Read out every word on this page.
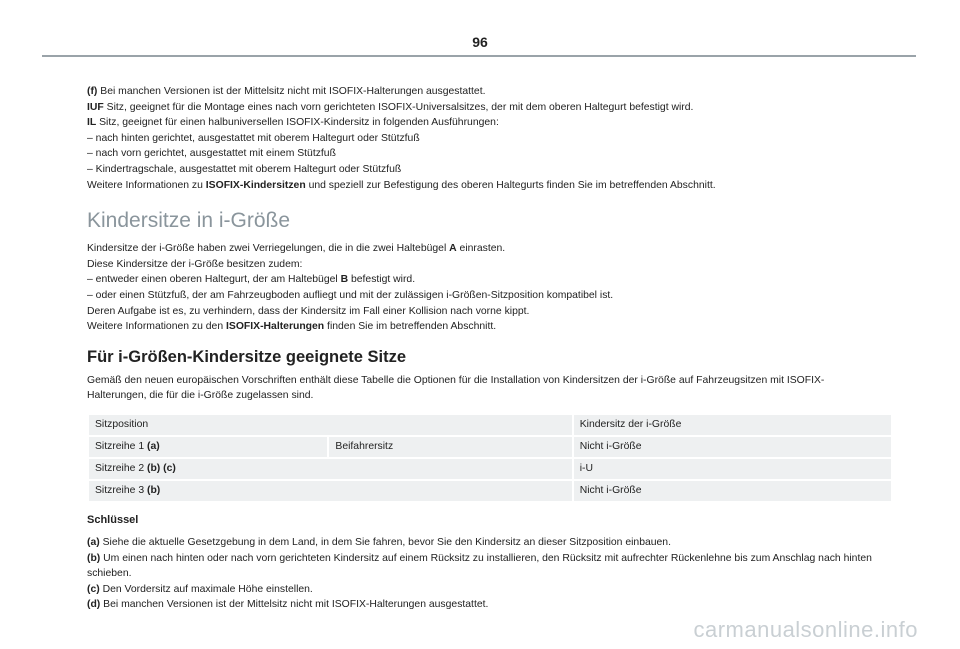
96
(f) Bei manchen Versionen ist der Mittelsitz nicht mit ISOFIX-Halterungen ausgestattet.
IUF Sitz, geeignet für die Montage eines nach vorn gerichteten ISOFIX-Universalsitzes, der mit dem oberen Haltegurt befestigt wird.
IL Sitz, geeignet für einen halbuniversellen ISOFIX-Kindersitz in folgenden Ausführungen:
– nach hinten gerichtet, ausgestattet mit oberem Haltegurt oder Stützfuß
– nach vorn gerichtet, ausgestattet mit einem Stützfuß
– Kindertragschale, ausgestattet mit oberem Haltegurt oder Stützfuß
Weitere Informationen zu ISOFIX-Kindersitzen und speziell zur Befestigung des oberen Haltegurts finden Sie im betreffenden Abschnitt.
Kindersitze in i-Größe
Kindersitze der i-Größe haben zwei Verriegelungen, die in die zwei Haltebügel A einrasten.
Diese Kindersitze der i-Größe besitzen zudem:
– entweder einen oberen Haltegurt, der am Haltebügel B befestigt wird.
– oder einen Stützfuß, der am Fahrzeugboden aufliegt und mit der zulässigen i-Größen-Sitzposition kompatibel ist.
Deren Aufgabe ist es, zu verhindern, dass der Kindersitz im Fall einer Kollision nach vorne kippt.
Weitere Informationen zu den ISOFIX-Halterungen finden Sie im betreffenden Abschnitt.
Für i-Größen-Kindersitze geeignete Sitze
Gemäß den neuen europäischen Vorschriften enthält diese Tabelle die Optionen für die Installation von Kindersitzen der i-Größe auf Fahrzeugsitzen mit ISOFIX-
Halterungen, die für die i-Größe zugelassen sind.
Sitzposition		Kindersitz der i-Größe
Sitzreihe 1 (a)	Beifahrersitz	Nicht i-Größe
Sitzreihe 2 (b) (c)		i-U
Sitzreihe 3 (b)		Nicht i-Größe
Schlüssel
(a) Siehe die aktuelle Gesetzgebung in dem Land, in dem Sie fahren, bevor Sie den Kindersitz an dieser Sitzposition einbauen.
(b) Um einen nach hinten oder nach vorn gerichteten Kindersitz auf einem Rücksitz zu installieren, den Rücksitz mit aufrechter Rückenlehne bis zum Anschlag nach hinten
schieben.
(c) Den Vordersitz auf maximale Höhe einstellen.
(d) Bei manchen Versionen ist der Mittelsitz nicht mit ISOFIX-Halterungen ausgestattet.
carmanualsonline.info
